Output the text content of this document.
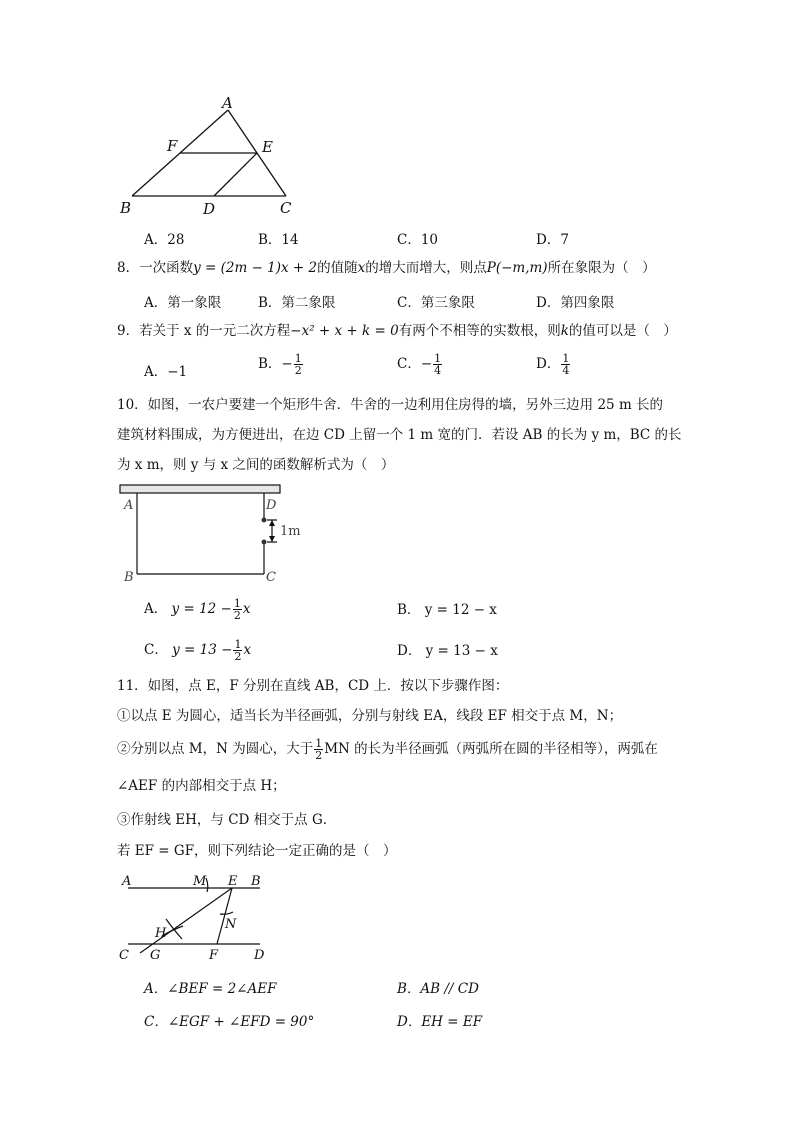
A
F	E
B	D	C
A．28	B．14	C．10	D．7
8．一次函数y = (2m − 1)x + 2的值随x的增大而增大，则点P(−m,m)所在象限为（　）
A．第一象限	B．第二象限	C．第三象限	D．第四象限
9．若关于 x 的一元二次方程−x² + x + k = 0有两个不相等的实数根，则k的值可以是（　）
A．−1	B．− $\frac{1}{2}$	C．− $\frac{1}{4}$	D． $\frac{1}{4}$
10．如图，一农户要建一个矩形牛舍．牛舍的一边利用住房得的墙，另外三边用 25 m 长的
建筑材料围成，为方便进出，在边 CD 上留一个 1 m 宽的门．若设 AB 的长为 y m，BC 的长
为 x m，则 y 与 x 之间的函数解析式为（　）
A	D
B	C
1m
A． $y = 12 - \frac{1}{2}$ x	B． y = 12 − x
C． $y = 13 - \frac{1}{2}$ x	D． y = 13 − x
11．如图，点 E，F 分别在直线 AB，CD 上．按以下步骤作图：
①以点 E 为圆心，适当长为半径画弧，分别与射线 EA，线段 EF 相交于点 M，N；
②分别以点 M，N 为圆心，大于 $\frac{1}{2}$ MN 的长为半径画弧（两弧所在圆的半径相等），两弧在
∠AEF 的内部相交于点 H；
③作射线 EH，与 CD 相交于点 G．
若 EF = GF，则下列结论一定正确的是（　）
A	M E B
H
N
C G	F	D
A．∠BEF = 2∠AEF	B．AB // CD
C．∠EGF + ∠EFD = 90°	D．EH = EF
